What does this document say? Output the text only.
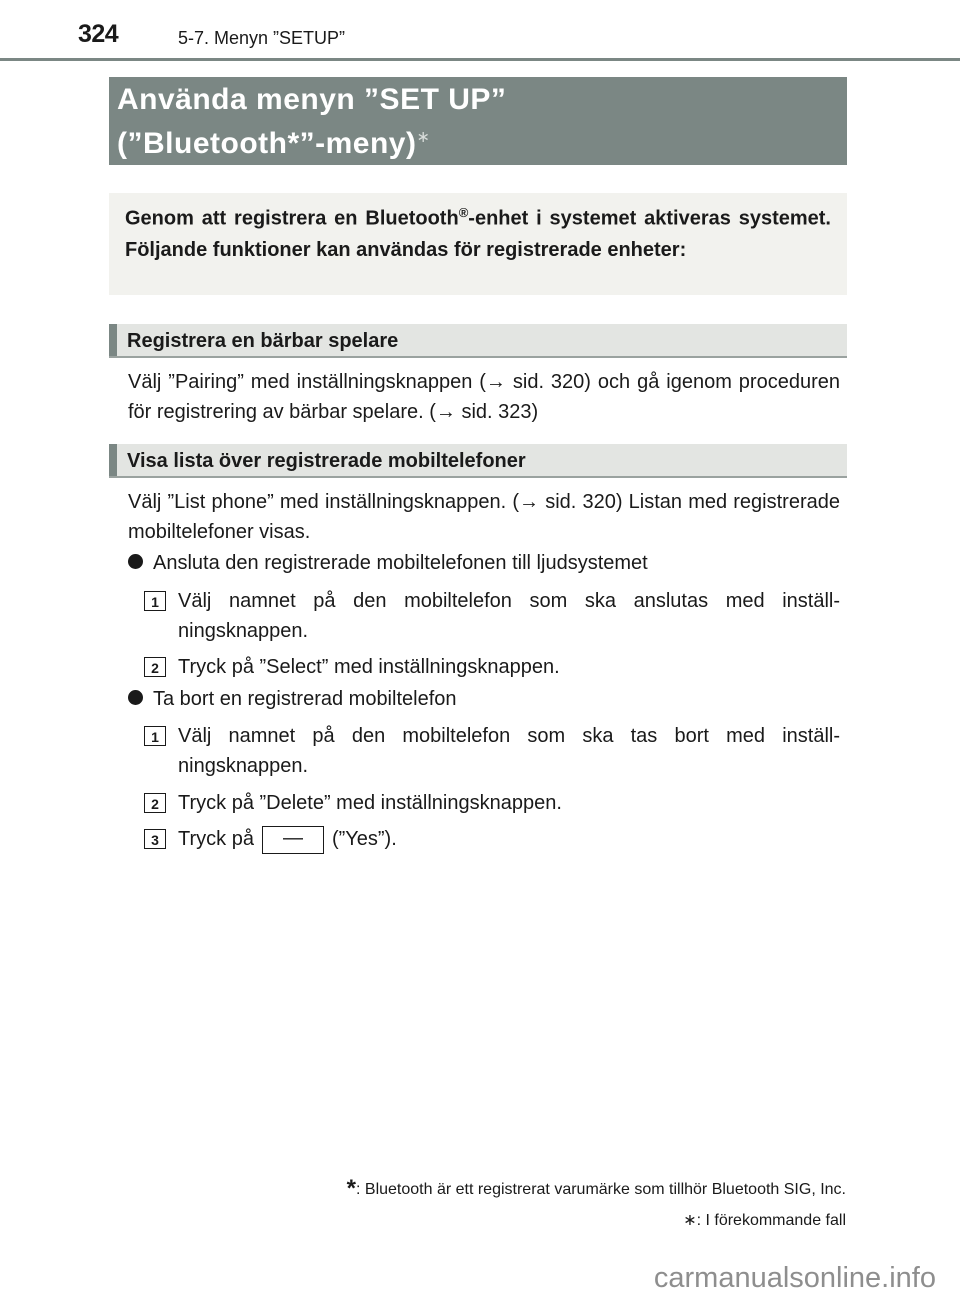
324	5-7. Menyn ”SETUP”
Använda menyn ”SET UP”
(”Bluetooth*”-meny)∗
Genom att registrera en Bluetooth®-enhet i systemet aktiveras systemet. Följande funktioner kan användas för registrerade enheter:
Registrera en bärbar spelare
Välj ”Pairing” med inställningsknappen (→ sid. 320) och gå igenom proceduren för registrering av bärbar spelare. (→ sid. 323)
Visa lista över registrerade mobiltelefoner
Välj ”List phone” med inställningsknappen. (→ sid. 320) Listan med registrerade mobiltelefoner visas.
Ansluta den registrerade mobiltelefonen till ljudsystemet
1 Välj namnet på den mobiltelefon som ska anslutas med inställ-ningsknappen.
2 Tryck på ”Select” med inställningsknappen.
Ta bort en registrerad mobiltelefon
1 Välj namnet på den mobiltelefon som ska tas bort med inställ-ningsknappen.
2 Tryck på ”Delete” med inställningsknappen.
3 Tryck på — (”Yes”).
*: Bluetooth är ett registrerat varumärke som tillhör Bluetooth SIG, Inc.
∗: I förekommande fall
carmanualsonline.info
